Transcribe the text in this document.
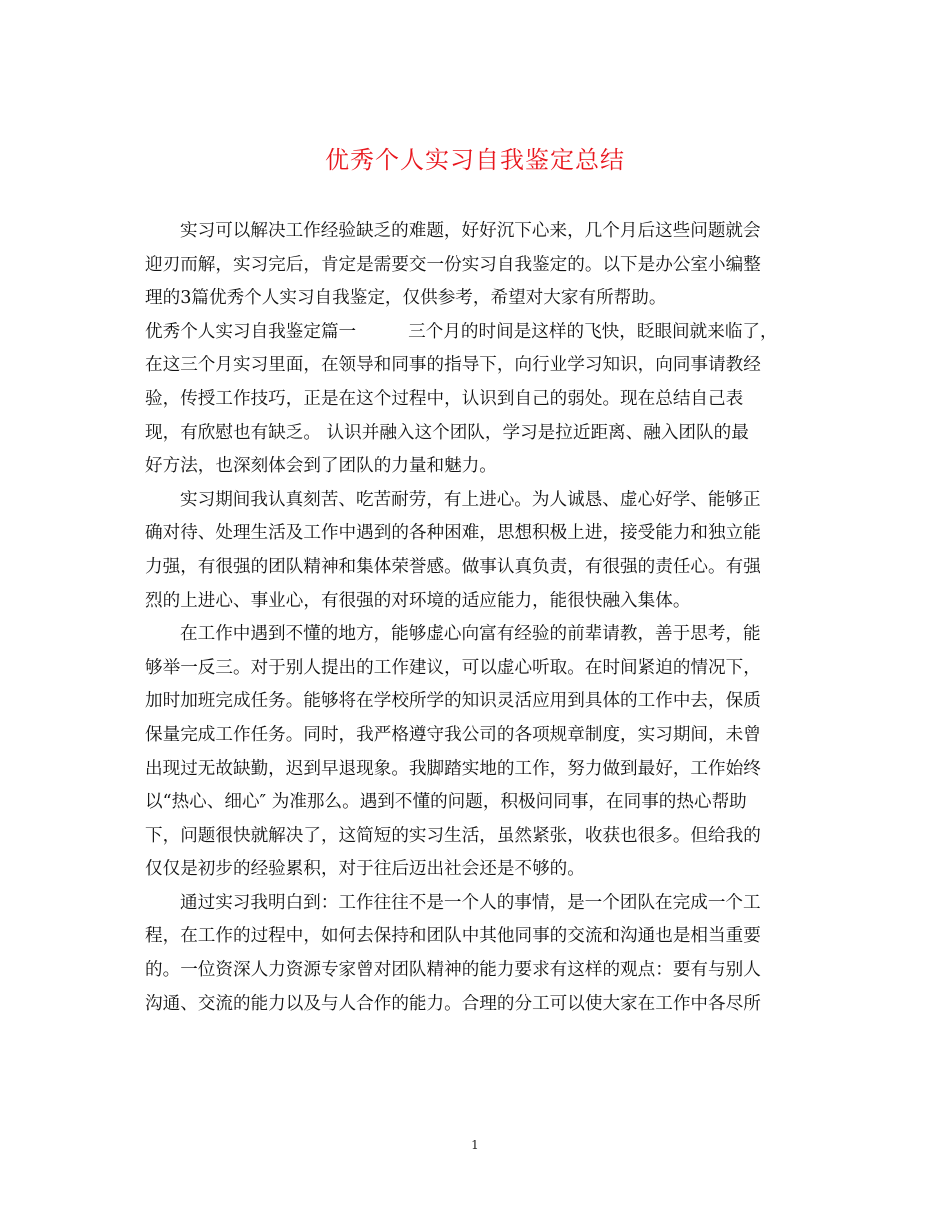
优秀个人实习自我鉴定总结
实习可以解决工作经验缺乏的难题，好好沉下心来，几个月后这些问题就会
迎刃而解，实习完后，肯定是需要交一份实习自我鉴定的。以下是办公室小编整
理的3篇优秀个人实习自我鉴定，仅供参考，希望对大家有所帮助。
优秀个人实习自我鉴定篇一	三个月的时间是这样的飞快，眨眼间就来临了，
在这三个月实习里面，在领导和同事的指导下，向行业学习知识，向同事请教经
验，传授工作技巧，正是在这个过程中，认识到自己的弱处。现在总结自己表
现，有欣慰也有缺乏。 认识并融入这个团队，学习是拉近距离、融入团队的最
好方法，也深刻体会到了团队的力量和魅力。
实习期间我认真刻苦、吃苦耐劳，有上进心。为人诚恳、虚心好学、能够正
确对待、处理生活及工作中遇到的各种困难，思想积极上进，接受能力和独立能
力强，有很强的团队精神和集体荣誉感。做事认真负责，有很强的责任心。有强
烈的上进心、事业心，有很强的对环境的适应能力，能很快融入集体。
在工作中遇到不懂的地方，能够虚心向富有经验的前辈请教，善于思考，能
够举一反三。对于别人提出的工作建议，可以虚心听取。在时间紧迫的情况下，
加时加班完成任务。能够将在学校所学的知识灵活应用到具体的工作中去，保质
保量完成工作任务。同时，我严格遵守我公司的各项规章制度，实习期间，未曾
出现过无故缺勤，迟到早退现象。我脚踏实地的工作，努力做到最好，工作始终
以“热心、细心″ 为准那么。遇到不懂的问题，积极问同事，在同事的热心帮助
下，问题很快就解决了，这简短的实习生活，虽然紧张，收获也很多。但给我的
仅仅是初步的经验累积，对于往后迈出社会还是不够的。
通过实习我明白到：工作往往不是一个人的事情，是一个团队在完成一个工
程，在工作的过程中，如何去保持和团队中其他同事的交流和沟通也是相当重要
的。一位资深人力资源专家曾对团队精神的能力要求有这样的观点：要有与别人
沟通、交流的能力以及与人合作的能力。合理的分工可以使大家在工作中各尽所
1
